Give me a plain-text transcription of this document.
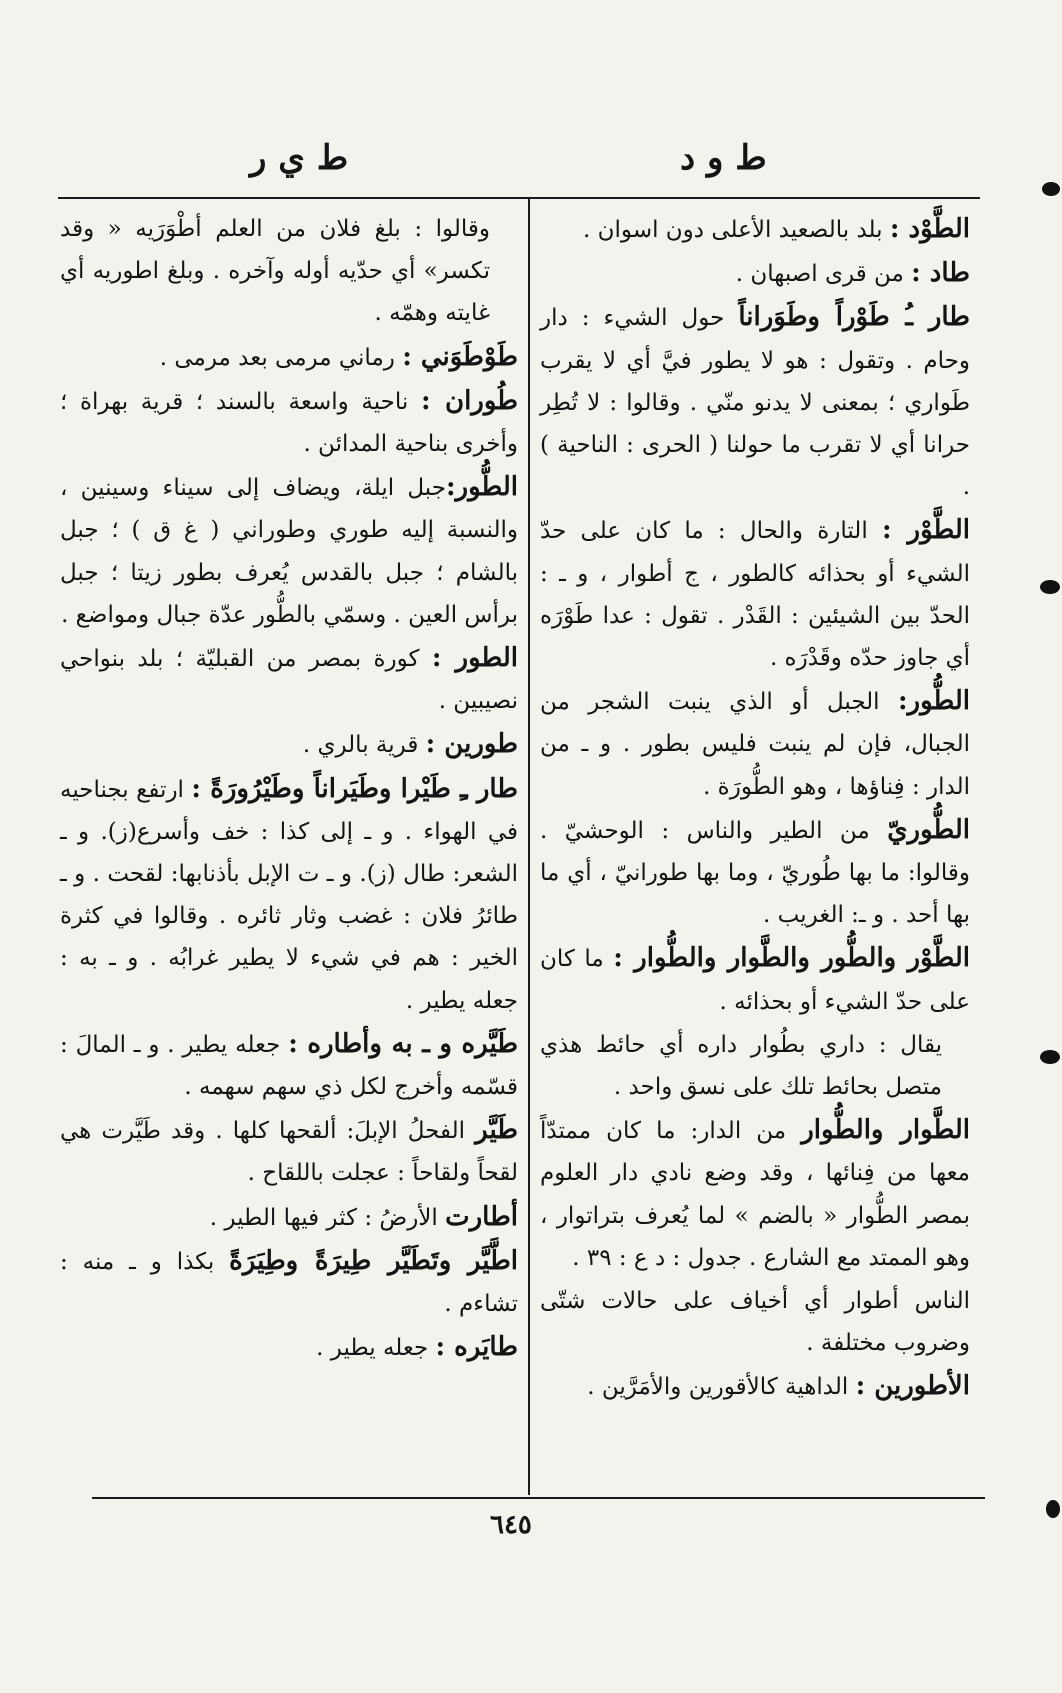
ط ي ر	ط و د

الطَّوْد : بلد بالصعيد الأعلى دون اسوان .

طاد : من قرى اصبهان .

طار ـُ طَوْراً وطَوَراناً حول الشيء : دار وحام . وتقول : هو لا يطور فيَّ أي لا يقرب طَواري ؛ بمعنى لا يدنو منّي . وقالوا : لا تُطِر حرانا أي لا تقرب ما حولنا ( الحرى : الناحية ) .

الطَّوْر : التارة والحال : ما كان على حدّ الشيء أو بحذائه كالطور ، ج أطوار ، و ـ : الحدّ بين الشيئين : القَدْر . تقول : عدا طَوْرَه أي جاوز حدّه وقَدْرَه .

الطُّور: الجبل أو الذي ينبت الشجر من الجبال، فإن لم ينبت فليس بطور . و ـ من الدار : فِناؤها ، وهو الطُّورَة .

الطُّوريّ من الطير والناس : الوحشيّ . وقالوا: ما بها طُوريّ ، وما بها طورانيّ ، أي ما بها أحد . و ـ: الغريب .

الطَّوْر والطُّور والطَّوار والطُّوار : ما كان على حدّ الشيء أو بحذائه .

يقال : داري بطُوار داره أي حائط هذي متصل بحائط تلك على نسق واحد .

الطَّوار والطُّوار من الدار: ما كان ممتدّاً معها من فِنائها ، وقد وضع نادي دار العلوم بمصر الطُّوار « بالضم » لما يُعرف بتراتوار ، وهو الممتد مع الشارع . جدول : د ع : ٣٩ .

الناس أطوار أي أخياف على حالات شتّى وضروب مختلفة .

الأطورين : الداهية كالأقورين والأمَرَّين .

وقالوا : بلغ فلان من العلم أطْوَرَيه « وقد تكسر» أي حدّيه أوله وآخره . وبلغ اطوريه أي غايته وهمّه .

طَوْطَوَني : رماني مرمى بعد مرمى .

طُوران : ناحية واسعة بالسند ؛ قرية بهراة ؛ وأخرى بناحية المدائن .

الطُّور:جبل ايلة، ويضاف إلى سيناء وسينين ، والنسبة إليه طوري وطوراني ( غ ق ) ؛ جبل بالشام ؛ جبل بالقدس يُعرف بطور زيتا ؛ جبل برأس العين . وسمّي بالطُّور عدّة جبال ومواضع .

الطور : كورة بمصر من القبليّة ؛ بلد بنواحي نصيبين .

طورين : قرية بالري .

طار ـِ طَيْرا وطَيَراناً وطَيْرُورَةً : ارتفع بجناحيه في الهواء . و ـ إلى كذا : خف وأسرع(ز). و ـ الشعر: طال (ز). و ـ ت الإبل بأذنابها: لقحت . و ـ طائرُ فلان : غضب وثار ثائره . وقالوا في كثرة الخير : هم في شيء لا يطير غرابُه . و ـ به : جعله يطير .

طَيَّره و ـ به وأطاره : جعله يطير . و ـ المالَ : قسّمه وأخرج لكل ذي سهم سهمه .

طَيَّر الفحلُ الإبلَ: ألقحها كلها . وقد طَيَّرت هي لقحاً ولقاحاً : عجلت باللقاح .

أطارت الأرضُ : كثر فيها الطير .

اطَّيَّر وتَطَيَّر طِيرَةً وطِيَرَةً بكذا و ـ منه : تشاءم .

طايَره : جعله يطير .

٦٤٥
